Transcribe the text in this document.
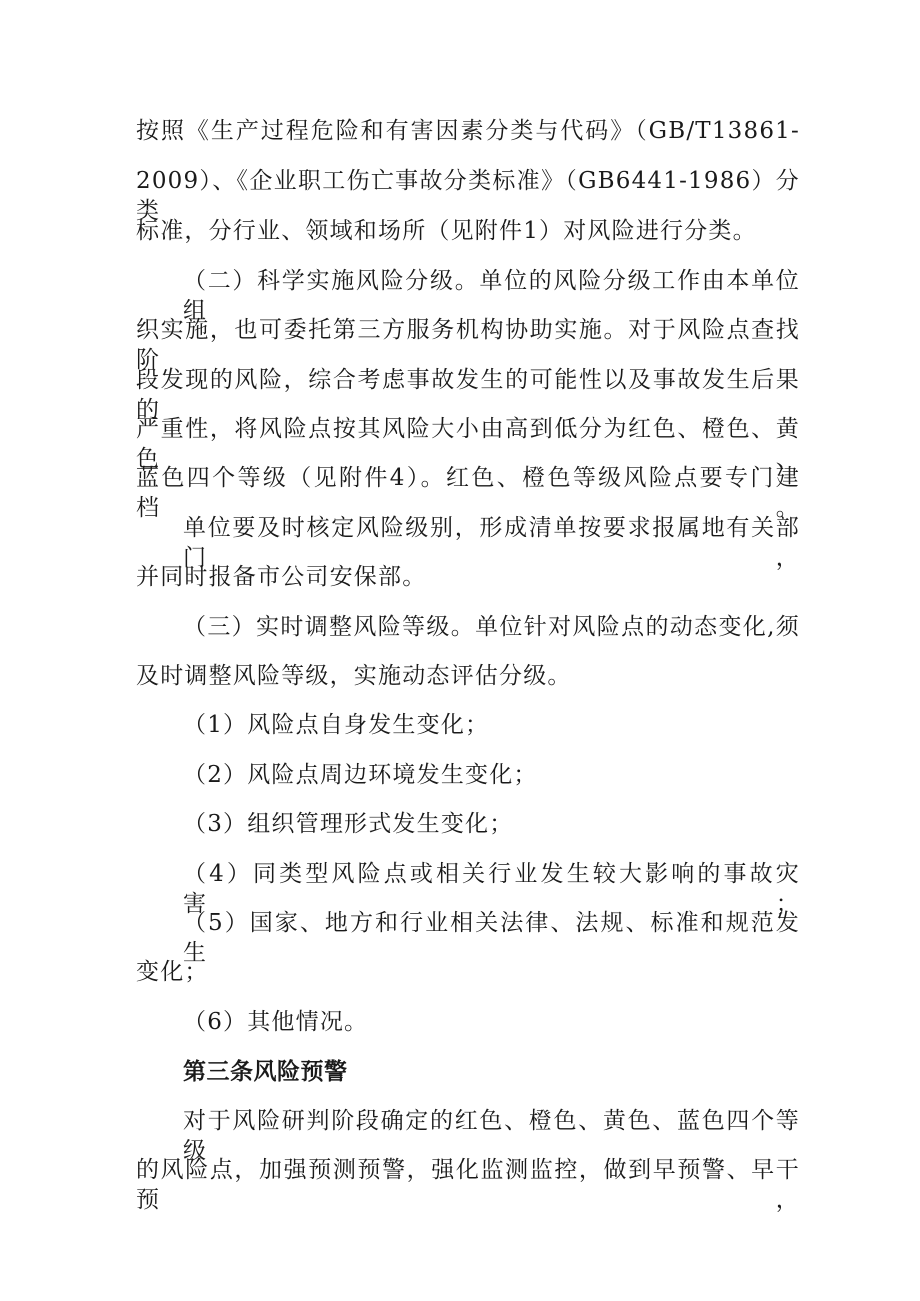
按照《生产过程危险和有害因素分类与代码》（GB/T13861-
2009）、《企业职工伤亡事故分类标准》（GB6441-1986）分类
标准，分行业、领域和场所（见附件1）对风险进行分类。
（二）科学实施风险分级。单位的风险分级工作由本单位组
织实施，也可委托第三方服务机构协助实施。对于风险点查找阶
段发现的风险，综合考虑事故发生的可能性以及事故发生后果的
严重性，将风险点按其风险大小由高到低分为红色、橙色、黄色、
蓝色四个等级（见附件4）。红色、橙色等级风险点要专门建档。
单位要及时核定风险级别，形成清单按要求报属地有关部门，
并同时报备市公司安保部。
（三）实时调整风险等级。单位针对风险点的动态变化,须
及时调整风险等级，实施动态评估分级。
（1）风险点自身发生变化；
（2）风险点周边环境发生变化；
（3）组织管理形式发生变化；
（4）同类型风险点或相关行业发生较大影响的事故灾害；
（5）国家、地方和行业相关法律、法规、标准和规范发生
变化；
（6）其他情况。
第三条风险预警
对于风险研判阶段确定的红色、橙色、黄色、蓝色四个等级
的风险点，加强预测预警，强化监测监控，做到早预警、早干预，
